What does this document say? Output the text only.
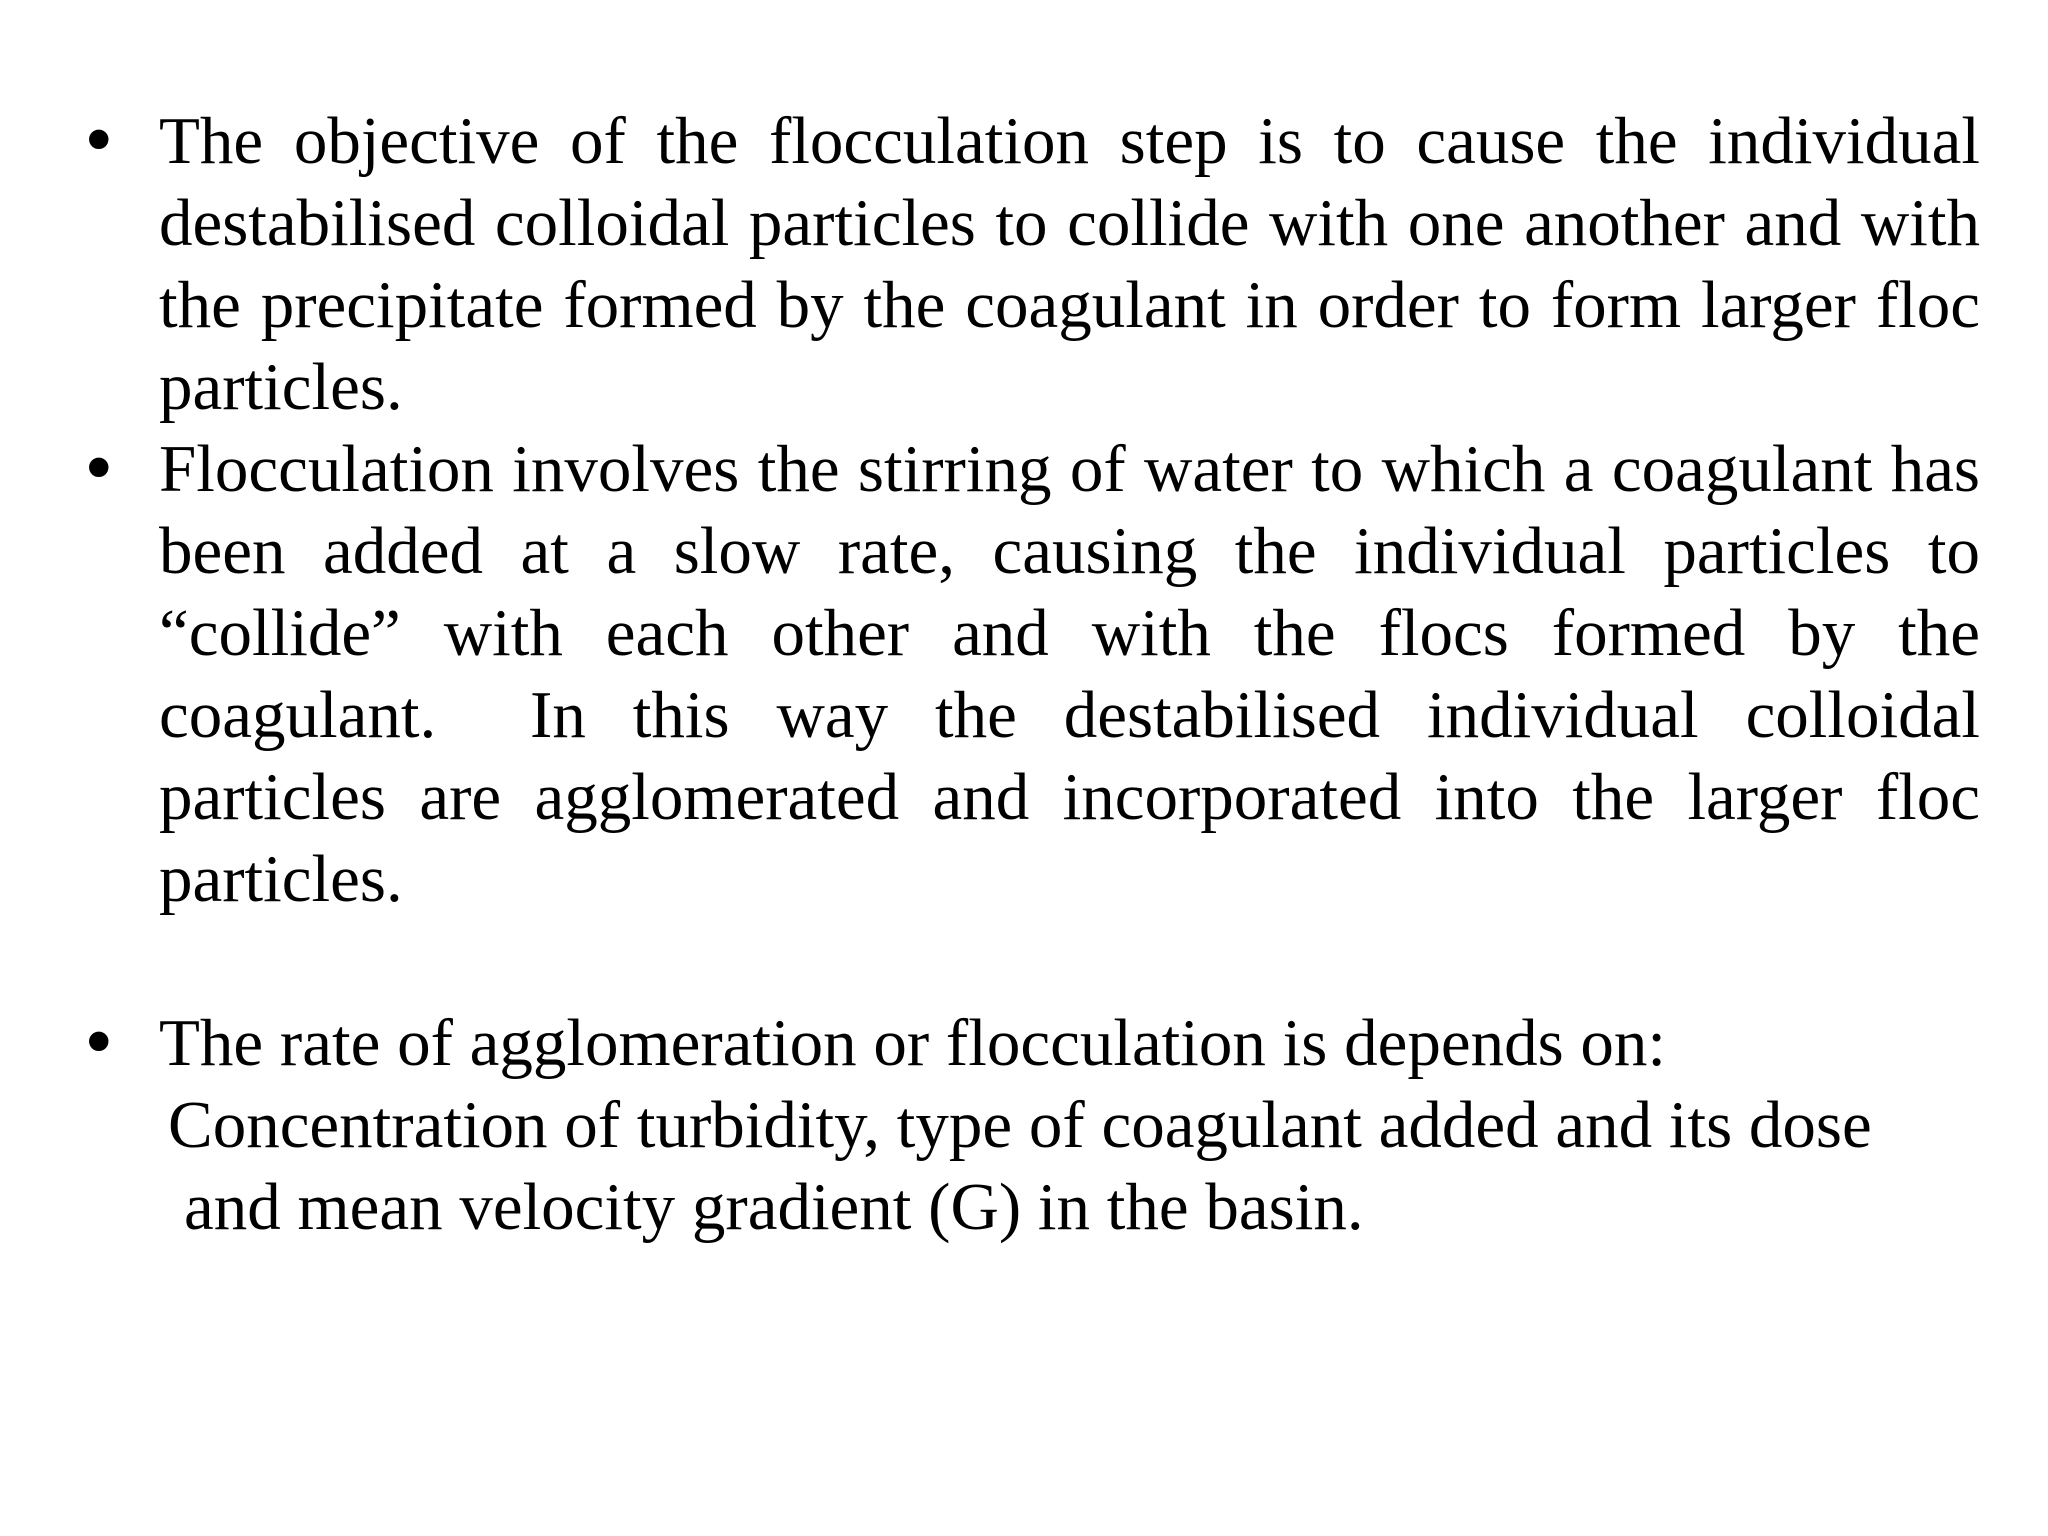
•
The objective of the flocculation step is to cause the individual destabilised colloidal particles to collide with one another and with the precipitate formed by the coagulant in order to form larger floc particles.
•
Flocculation involves the stirring of water to which a coagulant has been added at a slow rate, causing the individual particles to “collide” with each other and with the flocs formed by the coagulant.  In this way the destabilised individual colloidal particles are agglomerated and incorporated into the larger floc particles.
•
The rate of agglomeration or flocculation is depends on:
Concentration of turbidity, type of coagulant added and its dose
and mean velocity gradient (G) in the basin.
